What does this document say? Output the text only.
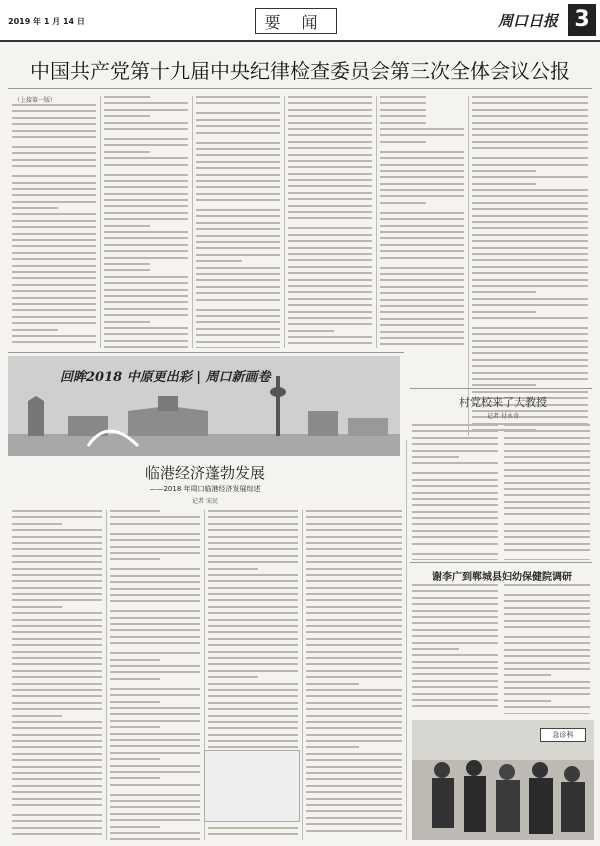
2019 年 1 月 14 日	要 闻	周口日报 3
中国共产党第十九届中央纪律检查委员会第三次全体会议公报
（上接第一版）
回眸2018 中原更出彩 | 周口新画卷
临港经济蓬勃发展
——2018 年周口临港经济发展综述
记者 宋民
村党校来了大教授
记者 付永奇
谢李广到郸城县妇幼保健院调研
急诊科
